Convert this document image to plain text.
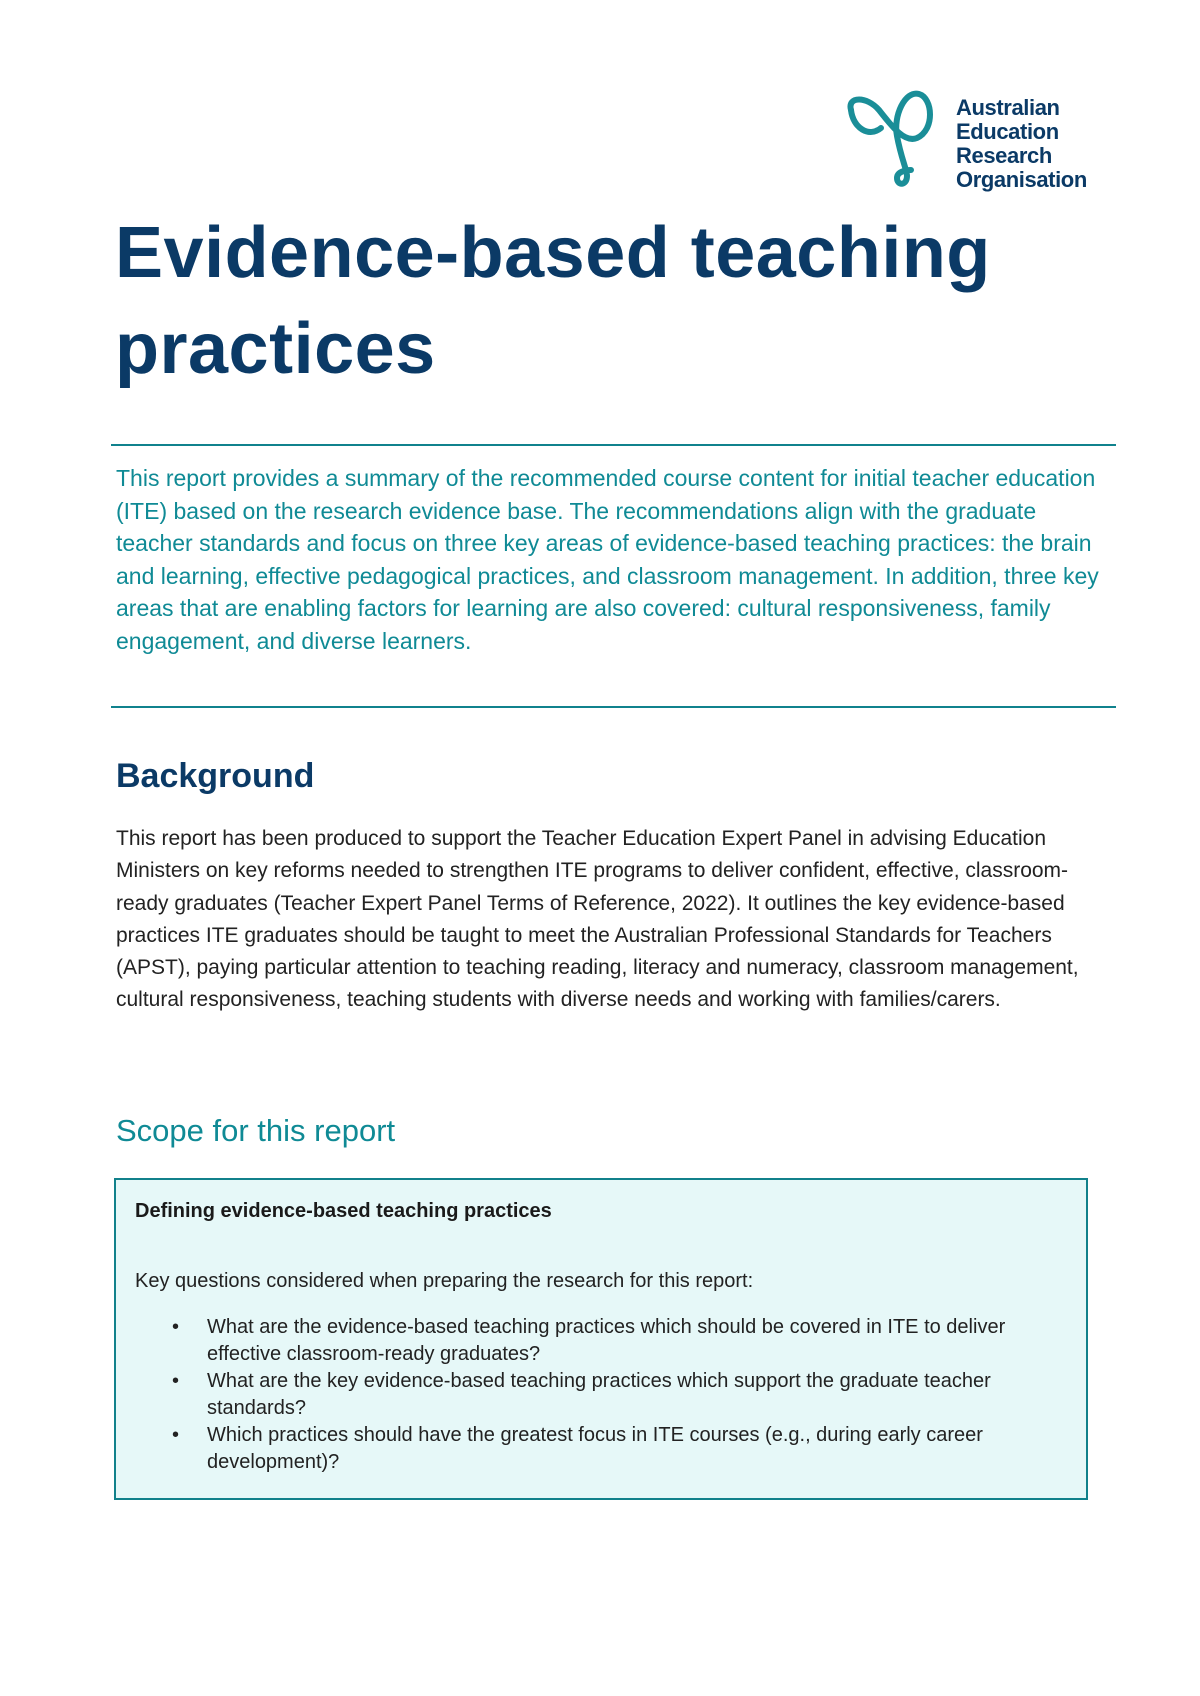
Australian
Education
Research
Organisation
Evidence-based teaching practices

This report provides a summary of the recommended course content for initial teacher education (ITE) based on the research evidence base. The recommendations align with the graduate teacher standards and focus on three key areas of evidence-based teaching practices: the brain and learning, effective pedagogical practices, and classroom management. In addition, three key areas that are enabling factors for learning are also covered: cultural responsiveness, family engagement, and diverse learners.

Background

This report has been produced to support the Teacher Education Expert Panel in advising Education Ministers on key reforms needed to strengthen ITE programs to deliver confident, effective, classroom-ready graduates (Teacher Expert Panel Terms of Reference, 2022). It outlines the key evidence-based practices ITE graduates should be taught to meet the Australian Professional Standards for Teachers (APST), paying particular attention to teaching reading, literacy and numeracy, classroom management, cultural responsiveness, teaching students with diverse needs and working with families/carers.

Scope for this report

Defining evidence-based teaching practices

Key questions considered when preparing the research for this report:

• What are the evidence-based teaching practices which should be covered in ITE to deliver effective classroom-ready graduates?
• What are the key evidence-based teaching practices which support the graduate teacher standards?
• Which practices should have the greatest focus in ITE courses (e.g., during early career development)?
